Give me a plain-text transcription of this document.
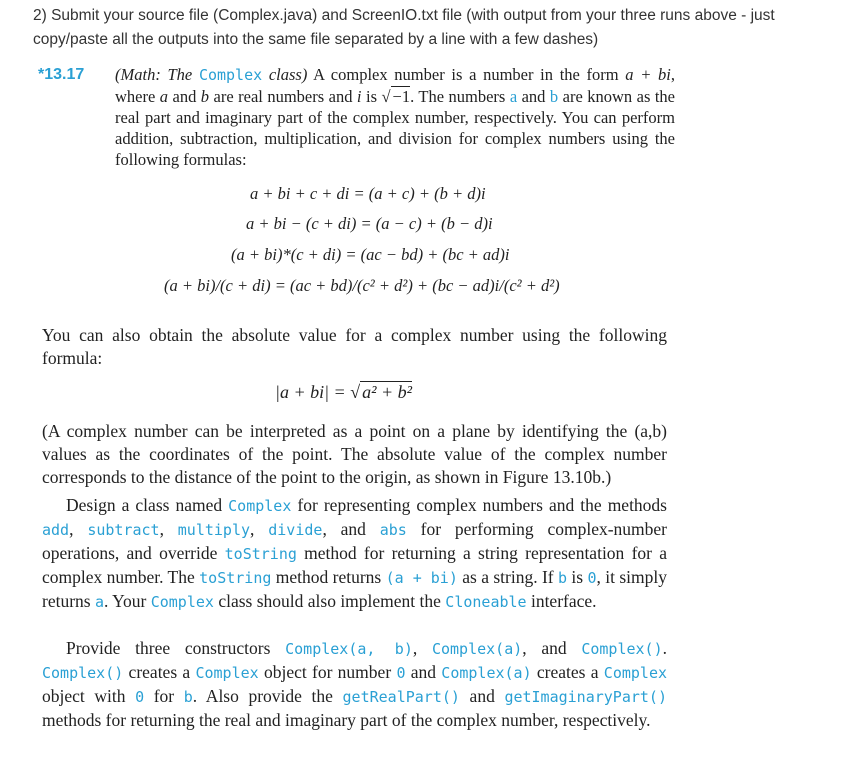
2) Submit your source file (Complex.java) and ScreenIO.txt file (with output from your three runs above - just copy/paste all the outputs into the same file separated by a line with a few dashes)
*13.17 (Math: The Complex class) A complex number is a number in the form a + bi, where a and b are real numbers and i is √ −1. The numbers a and b are known as the real part and imaginary part of the complex number, respectively. You can perform addition, subtraction, multiplication, and division for complex numbers using the following formulas:
a + bi + c + di = (a + c) + (b + d)i
a + bi − (c + di) = (a − c) + (b − d)i
(a + bi)*(c + di) = (ac − bd) + (bc + ad)i
(a + bi)/(c + di) = (ac + bd)/(c² + d²) + (bc − ad)i/(c² + d²)
You can also obtain the absolute value for a complex number using the following formula:
|a + bi| = √ a² + b²
(A complex number can be interpreted as a point on a plane by identifying the (a,b) values as the coordinates of the point. The absolute value of the complex number corresponds to the distance of the point to the origin, as shown in Figure 13.10b.)
Design a class named Complex for representing complex numbers and the methods add, subtract, multiply, divide, and abs for performing complex-number operations, and override toString method for returning a string representation for a complex number. The toString method returns (a + bi) as a string. If b is 0, it simply returns a. Your Complex class should also implement the Cloneable interface.
Provide three constructors Complex(a, b), Complex(a), and Complex(). Complex() creates a Complex object for number 0 and Complex(a) creates a Complex object with 0 for b. Also provide the getRealPart() and getImaginaryPart() methods for returning the real and imaginary part of the complex number, respectively.
